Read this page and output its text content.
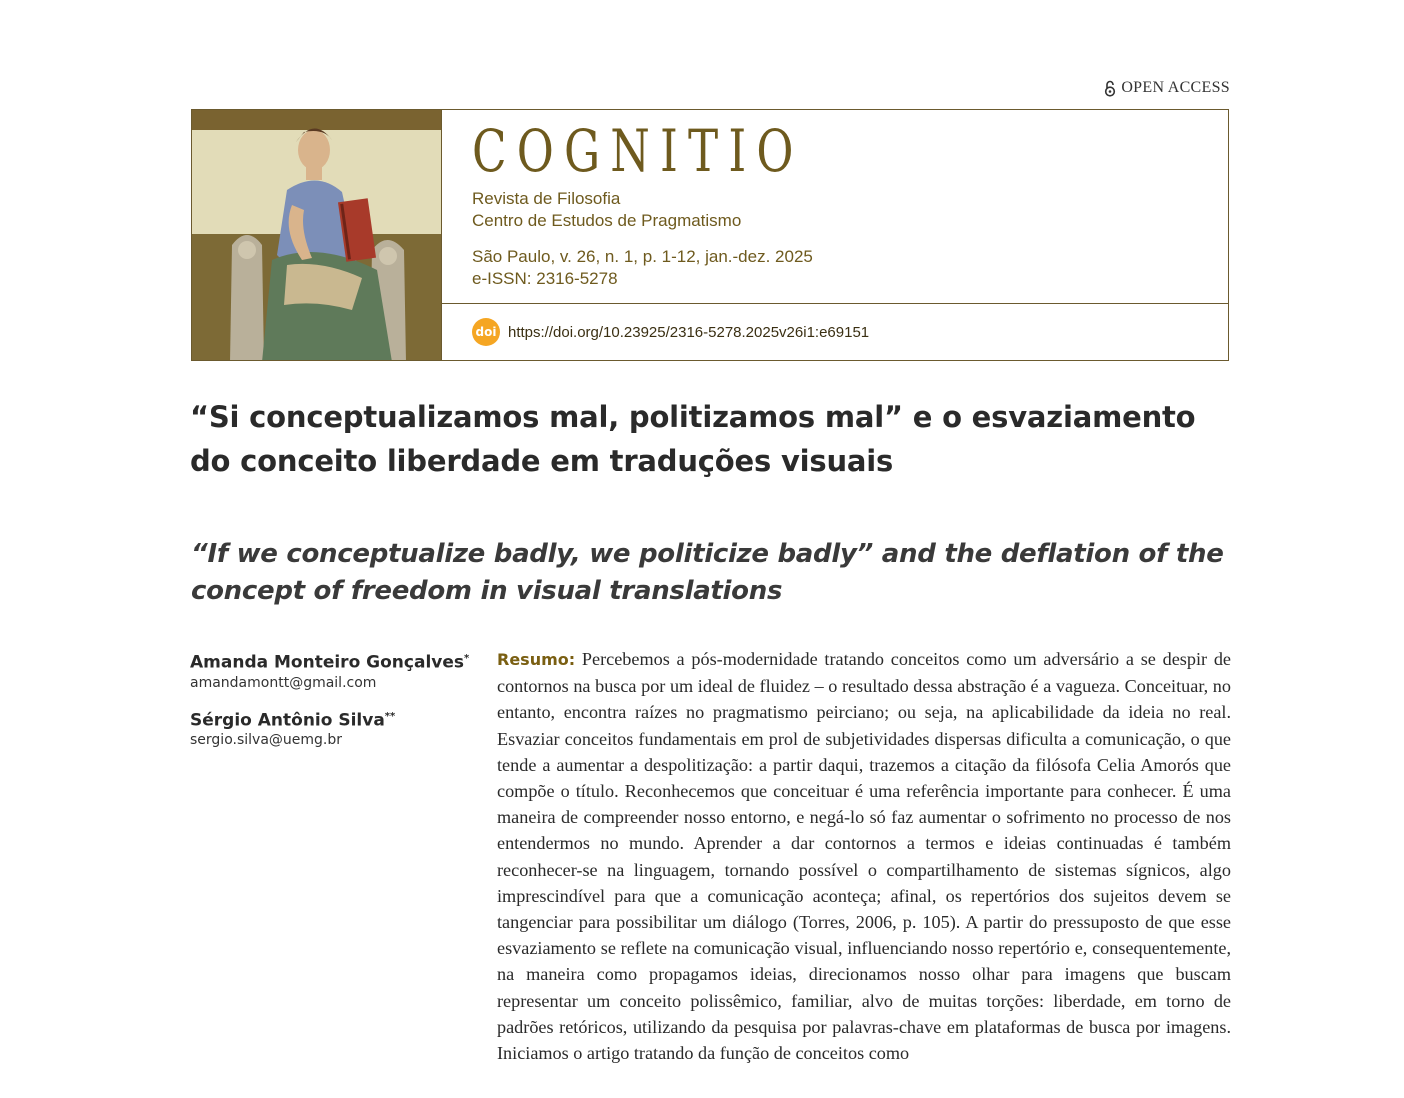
OPEN ACCESS
COGNITIO
Revista de Filosofia
Centro de Estudos de Pragmatismo
São Paulo, v. 26, n. 1, p. 1-12, jan.-dez. 2025
e-ISSN: 2316-5278
doi https://doi.org/10.23925/2316-5278.2025v26i1:e69151
“Si conceptualizamos mal, politizamos mal” e o esvaziamento do conceito liberdade em traduções visuais
“If we conceptualize badly, we politicize badly” and the deflation of the concept of freedom in visual translations
Amanda Monteiro Gonçalves*
amandamontt@gmail.com
Sérgio Antônio Silva**
sergio.silva@uemg.br

Resumo: Percebemos a pós-modernidade tratando conceitos como um adversário a se despir de contornos na busca por um ideal de fluidez – o resultado dessa abstração é a vagueza. Conceituar, no entanto, encontra raízes no pragmatismo peirciano; ou seja, na aplicabilidade da ideia no real. Esvaziar conceitos fundamentais em prol de subjetividades dispersas dificulta a comunicação, o que tende a aumentar a despolitização: a partir daqui, trazemos a citação da filósofa Celia Amorós que compõe o título. Reconhecemos que conceituar é uma referência importante para conhecer. É uma maneira de compreender nosso entorno, e negá-lo só faz aumentar o sofrimento no processo de nos entendermos no mundo. Aprender a dar contornos a termos e ideias continuadas é também reconhecer-se na linguagem, tornando possível o compartilhamento de sistemas sígnicos, algo imprescindível para que a comunicação aconteça; afinal, os repertórios dos sujeitos devem se tangenciar para possibilitar um diálogo (Torres, 2006, p. 105). A partir do pressuposto de que esse esvaziamento se reflete na comunicação visual, influenciando nosso repertório e, consequentemente, na maneira como propagamos ideias, direcionamos nosso olhar para imagens que buscam representar um conceito polissêmico, familiar, alvo de muitas torções: liberdade, em torno de padrões retóricos, utilizando da pesquisa por palavras-chave em plataformas de busca por imagens. Iniciamos o artigo tratando da função de conceitos como
